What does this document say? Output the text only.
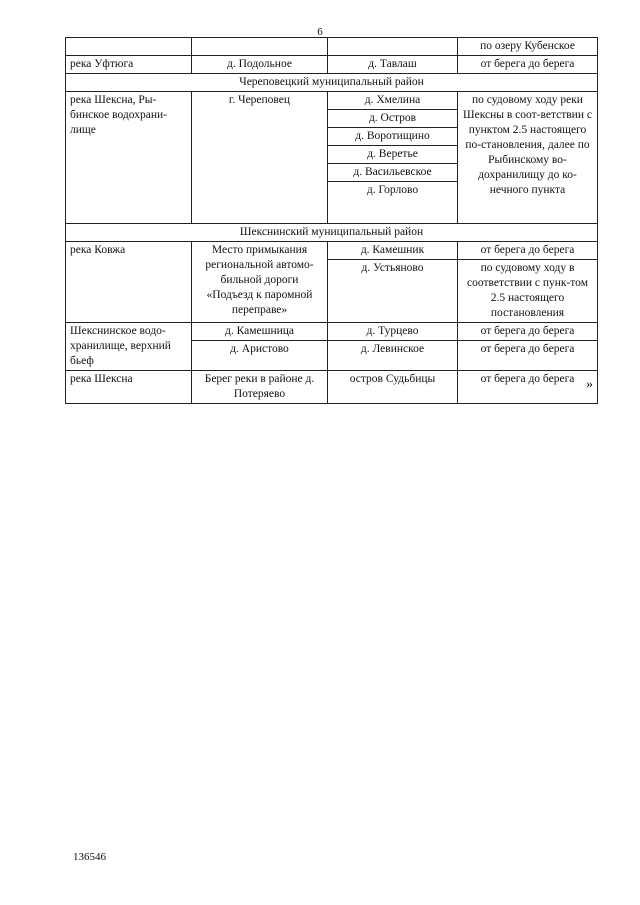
6
			по озеру Кубенское
река Уфтюга	д. Подольное	д. Тавлаш	от берега до берега
Череповецкий муниципальный район			
река Шексна, Ры-бинское водохрани-лище	г. Череповец	д. Хмелина	по судовому ходу реки Шексны в соот-ветствии с пунктом 2.5 настоящего по-становления, далее по Рыбинскому во-дохранилищу до ко-нечного пункта
		д. Остров	
		д. Воротищино	
		д. Веретье	
		д. Васильевское	
		д. Горлово	

Шекснинский муниципальный район			
река Ковжа	Место примыкания региональной автомо-бильной дороги «Подъезд к паромной переправе»	д. Камешник	от берега до берега
		д. Устьяново	по судовому ходу в соответствии с пунк-том 2.5 настоящего постановления
Шекснинское водо-хранилище, верхний бьеф	д. Камешница	д. Турцево	от берега до берега
	д. Аристово	д. Левинское	от берега до берега
река Шексна	Берег реки в районе д. Потеряево	остров Судьбицы	от берега до берега »
136546
